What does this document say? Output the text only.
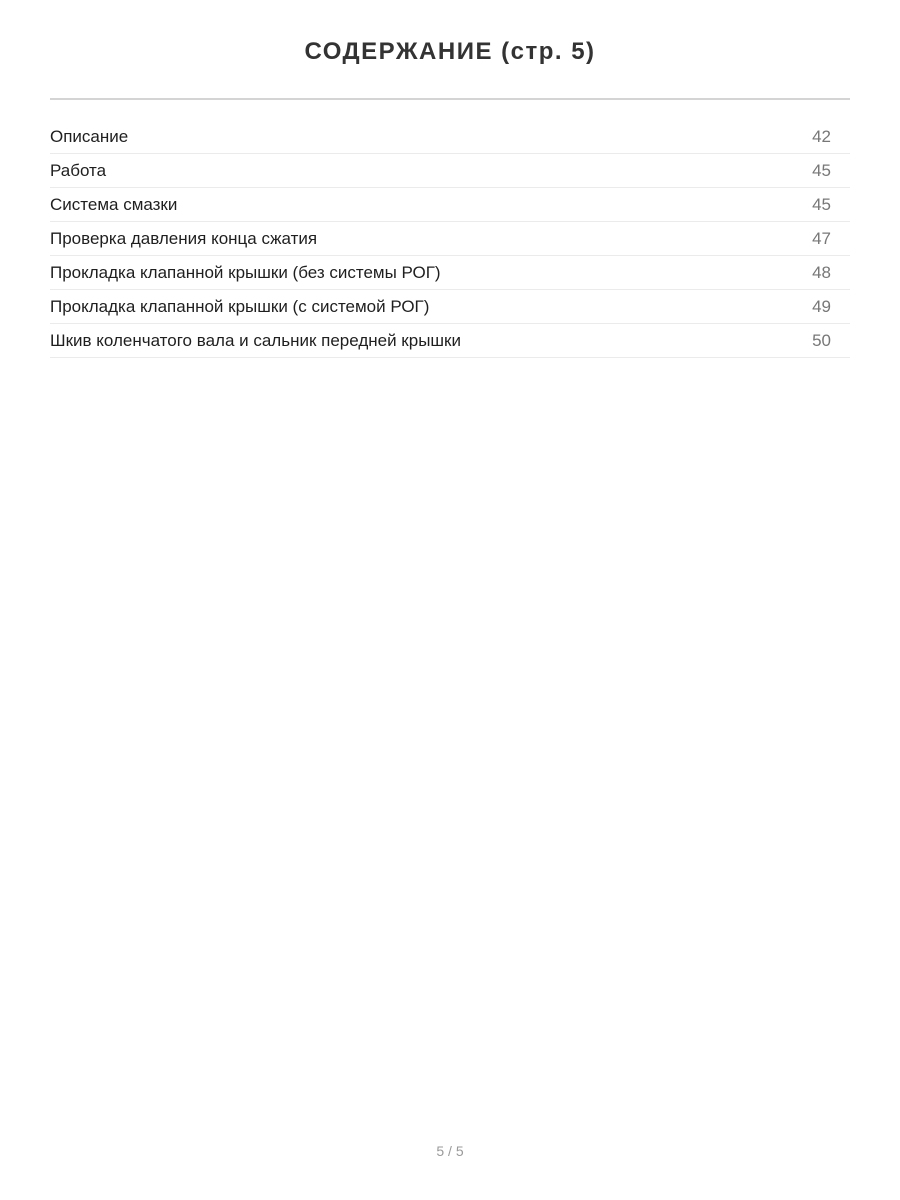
СОДЕРЖАНИЕ (стр. 5)
Описание	42
Работа	45
Система смазки	45
Проверка давления конца сжатия	47
Прокладка клапанной крышки (без системы РОГ)	48
Прокладка клапанной крышки (с системой РОГ)	49
Шкив коленчатого вала и сальник передней крышки	50
5 / 5
